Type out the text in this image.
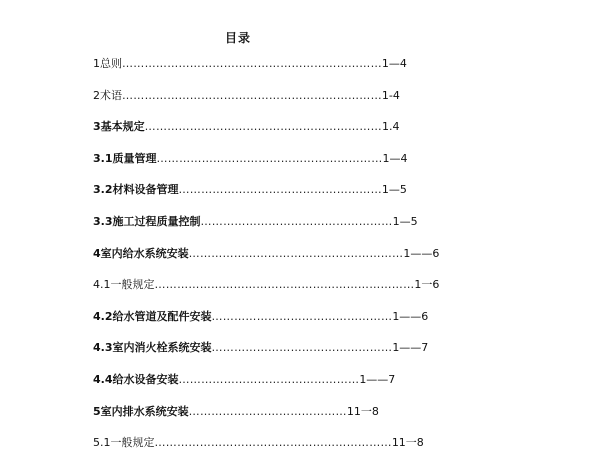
目录
1总则……………………………………………………………1—4
2术语……………………………………………………………1-4
3基本规定………………………………………………………1.4
3.1质量管理……………………………………………………1—4
3.2材料设备管理………………………………………………1—5
3.3施工过程质量控制……………………………………………1—5
4室内给水系统安装…………………………………………………1——6
4.1一般规定……………………………………………………………1一6
4.2给水管道及配件安装…………………………………………1——6
4.3室内消火栓系统安装…………………………………………1——7
4.4给水设备安装…………………………………………1——7
5室内排水系统安装……………………………………11一8
5.1一般规定………………………………………………………11一8
